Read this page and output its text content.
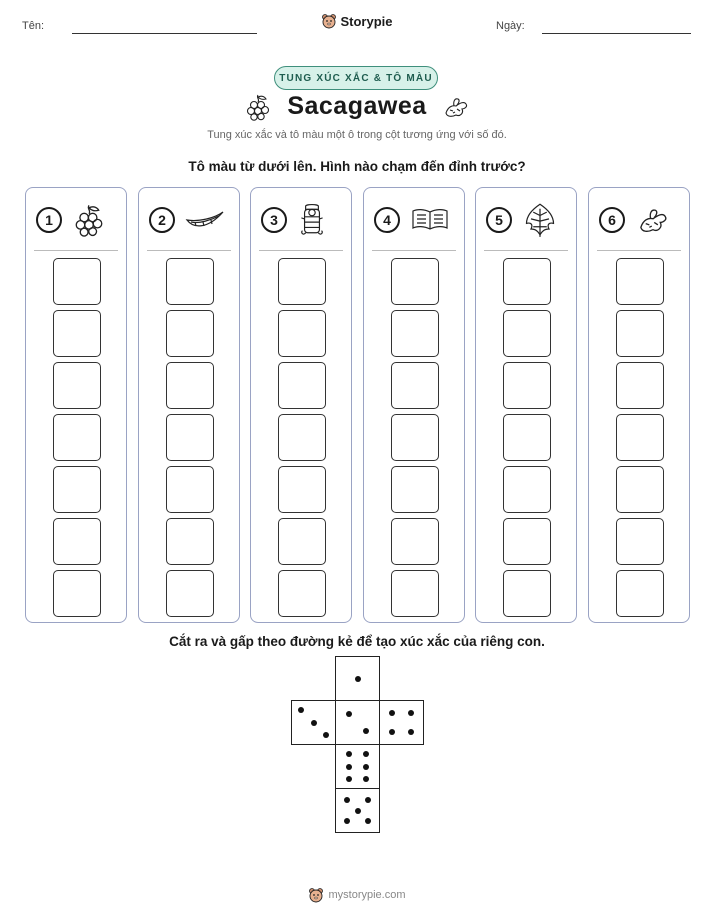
Tên:	Ngày:
Storypie
TUNG XÚC XẮC & TÔ MÀU
Sacagawea
Tung xúc xắc và tô màu một ô trong cột tương ứng với số đó.
Tô màu từ dưới lên. Hình nào chạm đến đỉnh trước?
1	2	3	4	5	6
Cắt ra và gấp theo đường kẻ để tạo xúc xắc của riêng con.
mystorypie.com
